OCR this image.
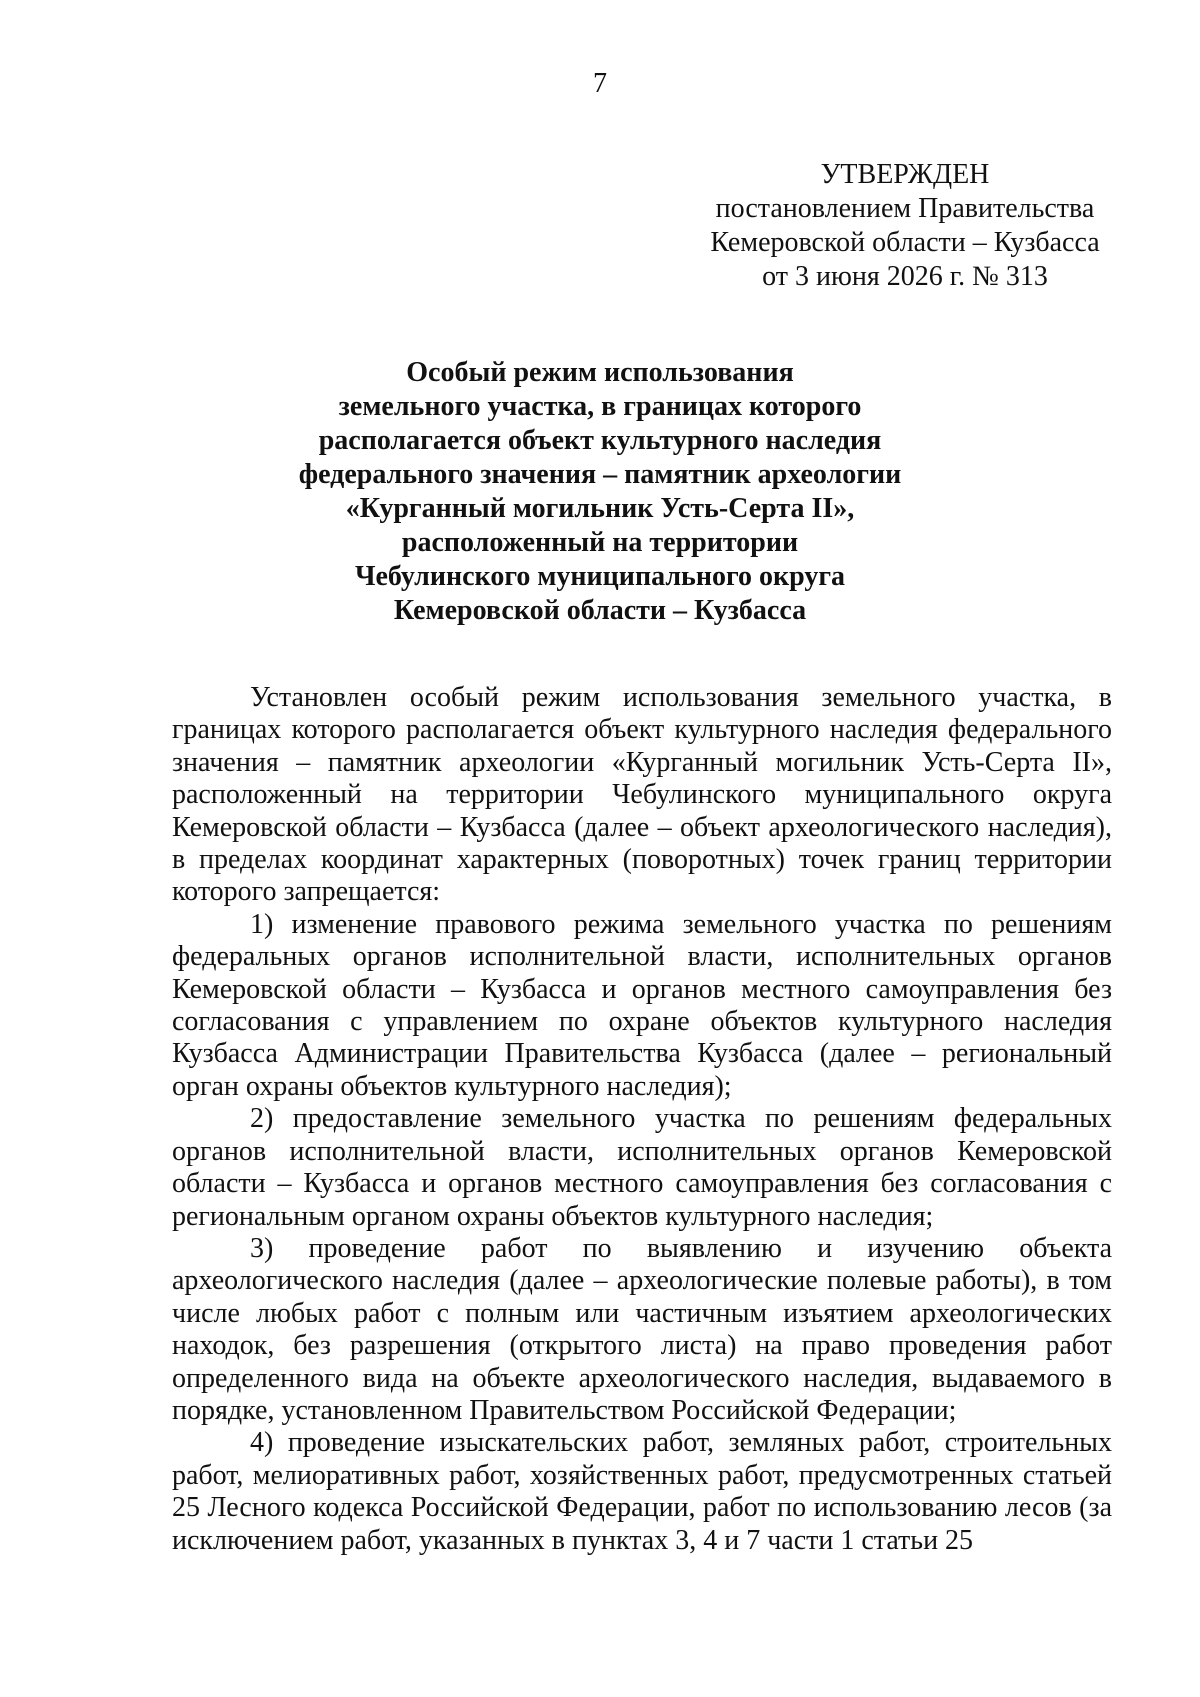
7
УТВЕРЖДЕН
постановлением Правительства
Кемеровской области – Кузбасса
от 3 июня 2026 г. № 313
Особый режим использования
земельного участка, в границах которого
располагается объект культурного наследия
федерального значения – памятник археологии
«Курганный могильник Усть-Серта II»,
расположенный на территории
Чебулинского муниципального округа
Кемеровской области – Кузбасса

Установлен особый режим использования земельного участка, в границах которого располагается объект культурного наследия федерального значения – памятник археологии «Курганный могильник Усть-Серта II», расположенный на территории Чебулинского муниципального округа Кемеровской области – Кузбасса (далее – объект археологического наследия), в пределах координат характерных (поворотных) точек границ территории которого запрещается:

1) изменение правового режима земельного участка по решениям федеральных органов исполнительной власти, исполнительных органов Кемеровской области – Кузбасса и органов местного самоуправления без согласования с управлением по охране объектов культурного наследия Кузбасса Администрации Правительства Кузбасса (далее – региональный орган охраны объектов культурного наследия);

2) предоставление земельного участка по решениям федеральных органов исполнительной власти, исполнительных органов Кемеровской области – Кузбасса и органов местного самоуправления без согласования с региональным органом охраны объектов культурного наследия;

3) проведение работ по выявлению и изучению объекта археологического наследия (далее – археологические полевые работы), в том числе любых работ с полным или частичным изъятием археологических находок, без разрешения (открытого листа) на право проведения работ определенного вида на объекте археологического наследия, выдаваемого в порядке, установленном Правительством Российской Федерации;

4) проведение изыскательских работ, земляных работ, строительных работ, мелиоративных работ, хозяйственных работ, предусмотренных статьей 25 Лесного кодекса Российской Федерации, работ по использованию лесов (за исключением работ, указанных в пунктах 3, 4 и 7 части 1 статьи 25
